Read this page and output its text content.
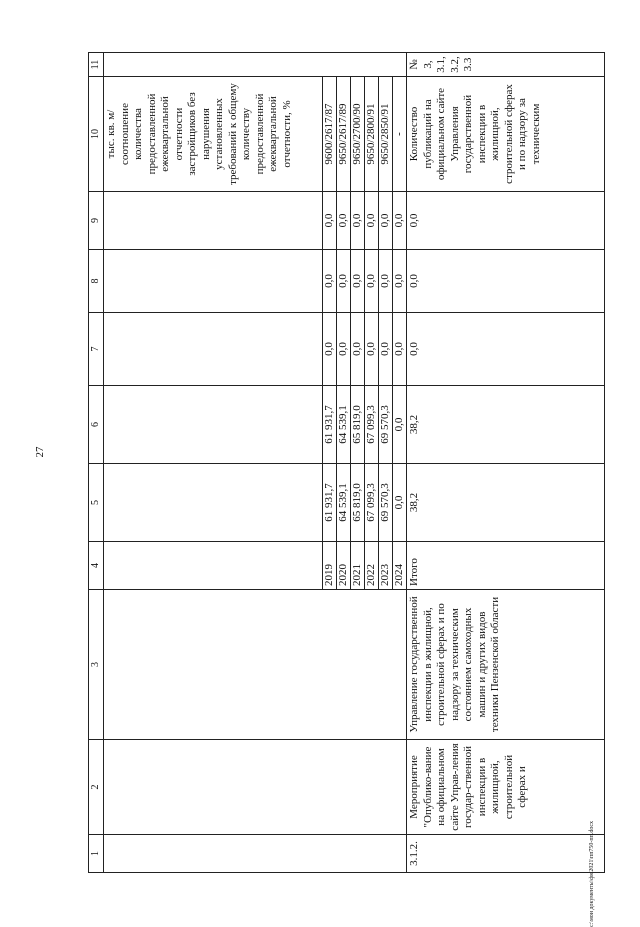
27
1	2	3	4	5	6	7	8	9	10	11
									тыс. кв. м/ соотношение количества предоставленной ежеквартальной отчетности застройщиков без нарушения установленных требований к общему количеству предоставленной ежеквартальной отчетности, %	
			2019	61 931,7	61 931,7	0,0	0,0	0,0	9600/2617/87	
			2020	64 539,1	64 539,1	0,0	0,0	0,0	9650/2617/89	
			2021	65 819,0	65 819,0	0,0	0,0	0,0	9650/2700/90	
			2022	67 099,3	67 099,3	0,0	0,0	0,0	9650/2800/91	
			2023	69 570,3	69 570,3	0,0	0,0	0,0	9650/2850/91	
			2024	0,0	0,0	0,0	0,0	0,0	-	
3.1.2.	Мероприятие "Опублико-вание на официальном сайте Управ-ления государ-ственной инспекции в жилищной, строительной сферах и	Управление государственной инспекции в жилищной, строительной сферах и по надзору за техническим состоянием самоходных машин и других видов техники Пензенской области	Итого	38,2	38,2	0,0	0,0	0,0	Количество публикаций на официальном сайте Управления государственной инспекции в жилищной, строительной сферах и по надзору за техническим	№ 3, 3.1, 3.2, 3.3
с:\мои документы\фя 2021\пп750-пп.docx
